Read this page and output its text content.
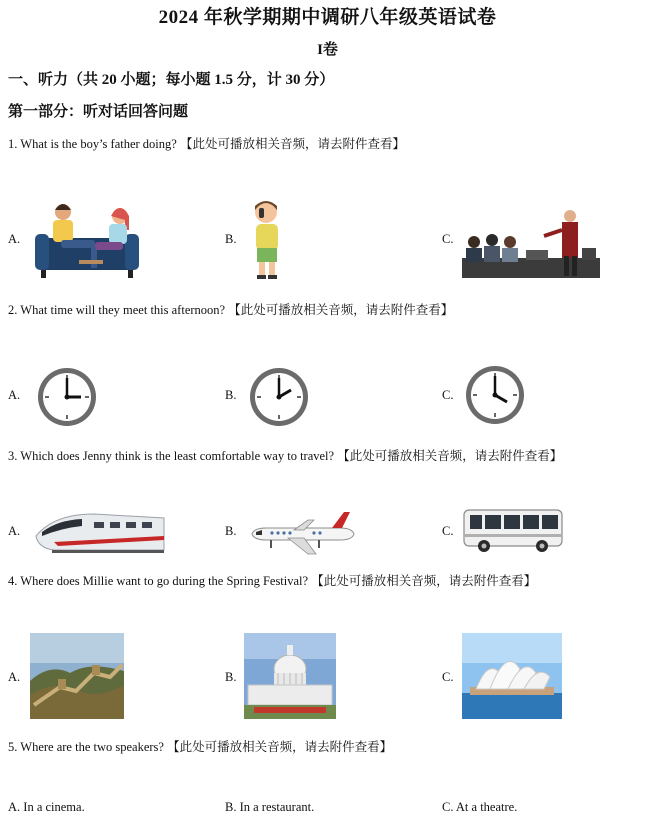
2024 年秋学期期中调研八年级英语试卷
I卷
一、听力（共 20 小题；每小题 1.5 分，计 30 分）
第一部分：听对话回答问题
1. What is the boy’s father doing? 【此处可播放相关音频，请去附件查看】
A.	B.	C.
2. What time will they meet this afternoon? 【此处可播放相关音频，请去附件查看】
A.	B.	C.
3. Which does Jenny think is the least comfortable way to travel? 【此处可播放相关音频，请去附件查看】
A.	B.	C.
4. Where does Millie want to go during the Spring Festival? 【此处可播放相关音频，请去附件查看】
A.	B.	C.
5. Where are the two speakers? 【此处可播放相关音频，请去附件查看】
A. In a cinema.	B. In a restaurant.	C. At a theatre.
